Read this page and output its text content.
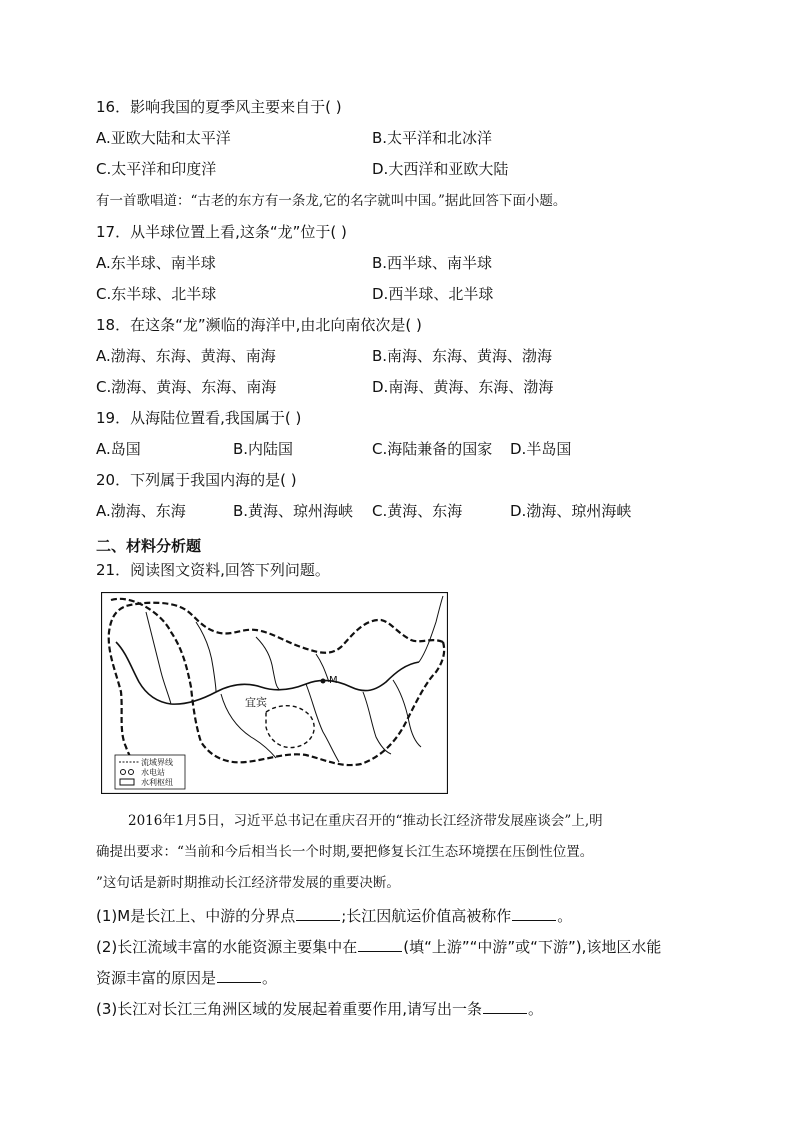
16．影响我国的夏季风主要来自于( )
A.亚欧大陆和太平洋	B.太平洋和北冰洋
C.太平洋和印度洋	D.大西洋和亚欧大陆
有一首歌唱道：“古老的东方有一条龙,它的名字就叫中国。”据此回答下面小题。
17．从半球位置上看,这条“龙”位于( )
A.东半球、南半球	B.西半球、南半球
C.东半球、北半球	D.西半球、北半球
18．在这条“龙”濒临的海洋中,由北向南依次是( )
A.渤海、东海、黄海、南海	B.南海、东海、黄海、渤海
C.渤海、黄海、东海、南海	D.南海、黄海、东海、渤海
19．从海陆位置看,我国属于( )
A.岛国	B.内陆国	C.海陆兼备的国家 D.半岛国
20．下列属于我国内海的是( )
A.渤海、东海	B.黄海、琼州海峡 C.黄海、东海	D.渤海、琼州海峡
二、材料分析题
21．阅读图文资料,回答下列问题。
M
宜宾
流域界线
水电站
水利枢纽
2016年1月5日，习近平总书记在重庆召开的“推动长江经济带发展座谈会”上,明
确提出要求：“当前和今后相当长一个时期,要把修复长江生态环境摆在压倒性位置。
”这句话是新时期推动长江经济带发展的重要决断。
(1)M是长江上、中游的分界点	;长江因航运价值高被称作	。
(2)长江流域丰富的水能资源主要集中在	(填“上游”“中游”或“下游”),该地区水能
资源丰富的原因是	。
(3)长江对长江三角洲区域的发展起着重要作用,请写出一条	。
